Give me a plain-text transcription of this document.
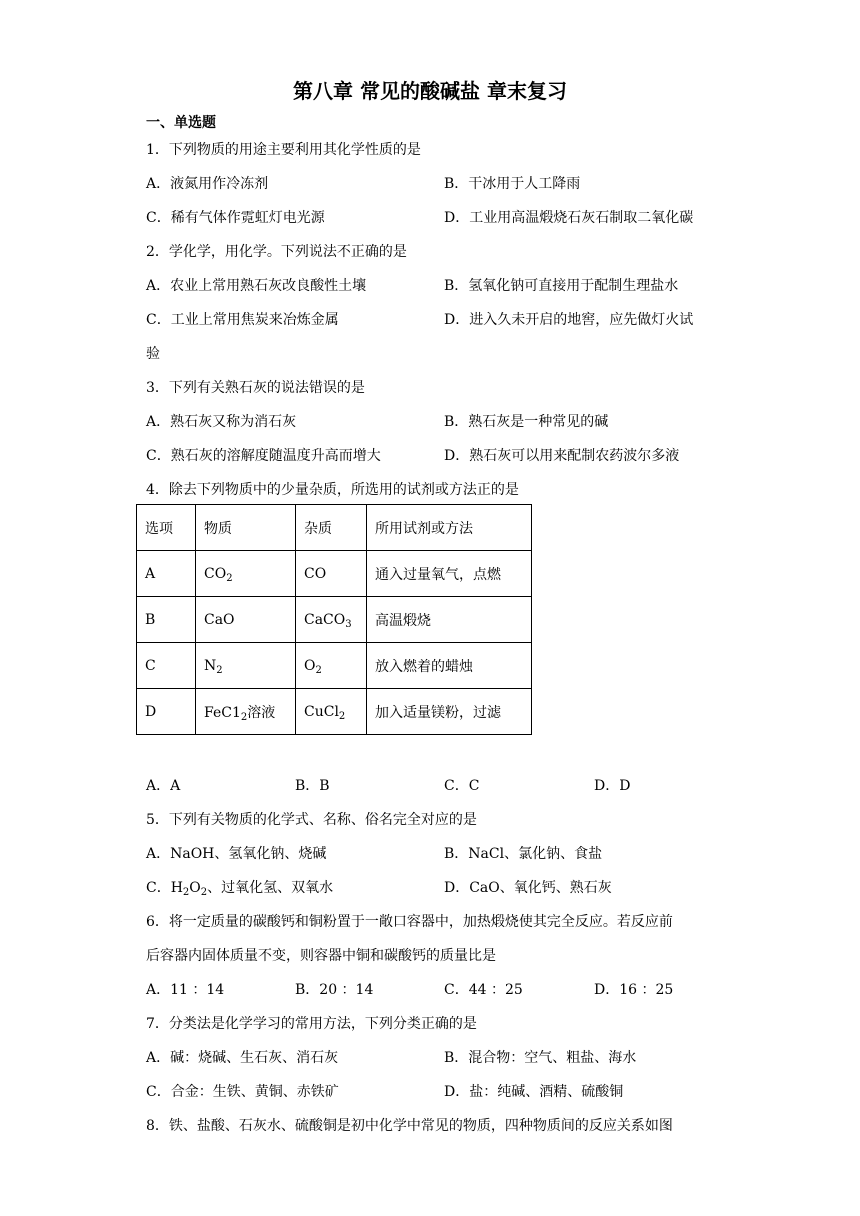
第八章 常见的酸碱盐 章末复习
一、单选题
1．下列物质的用途主要利用其化学性质的是
A．液氮用作冷冻剂	B．干冰用于人工降雨
C．稀有气体作霓虹灯电光源	D．工业用高温煅烧石灰石制取二氧化碳
2．学化学，用化学。下列说法不正确的是
A．农业上常用熟石灰改良酸性土壤	B．氢氧化钠可直接用于配制生理盐水
C．工业上常用焦炭来冶炼金属	D．进入久未开启的地窖，应先做灯火试
验
3．下列有关熟石灰的说法错误的是
A．熟石灰又称为消石灰	B．熟石灰是一种常见的碱
C．熟石灰的溶解度随温度升高而增大	D．熟石灰可以用来配制农药波尔多液
4．除去下列物质中的少量杂质，所选用的试剂或方法正的是
选项	物质	杂质	所用试剂或方法
A	$CO_2$	CO	通入过量氧气，点燃
B	CaO	CaCO$_3$	高温煅烧
C	$N_2$	$O_2$	放入燃着的蜡烛
D	$FeC1_2$溶液	CuCl$_2$	加入适量镁粉，过滤
A．A	B．B	C．C	D．D
5．下列有关物质的化学式、名称、俗名完全对应的是
A．NaOH、氢氧化钠、烧碱	B．NaCl、氯化钠、食盐
C．$H_2O_2$、过氧化氢、双氧水	D．CaO、氧化钙、熟石灰
6．将一定质量的碳酸钙和铜粉置于一敞口容器中，加热煅烧使其完全反应。若反应前
后容器内固体质量不变，则容器中铜和碳酸钙的质量比是
A．11 ：14	B．20 ：14	C．44 ：25	D．16 ：25
7．分类法是化学学习的常用方法，下列分类正确的是
A．碱：烧碱、生石灰、消石灰	B．混合物：空气、粗盐、海水
C．合金：生铁、黄铜、赤铁矿	D．盐：纯碱、酒精、硫酸铜
8．铁、盐酸、石灰水、硫酸铜是初中化学中常见的物质，四种物质间的反应关系如图
